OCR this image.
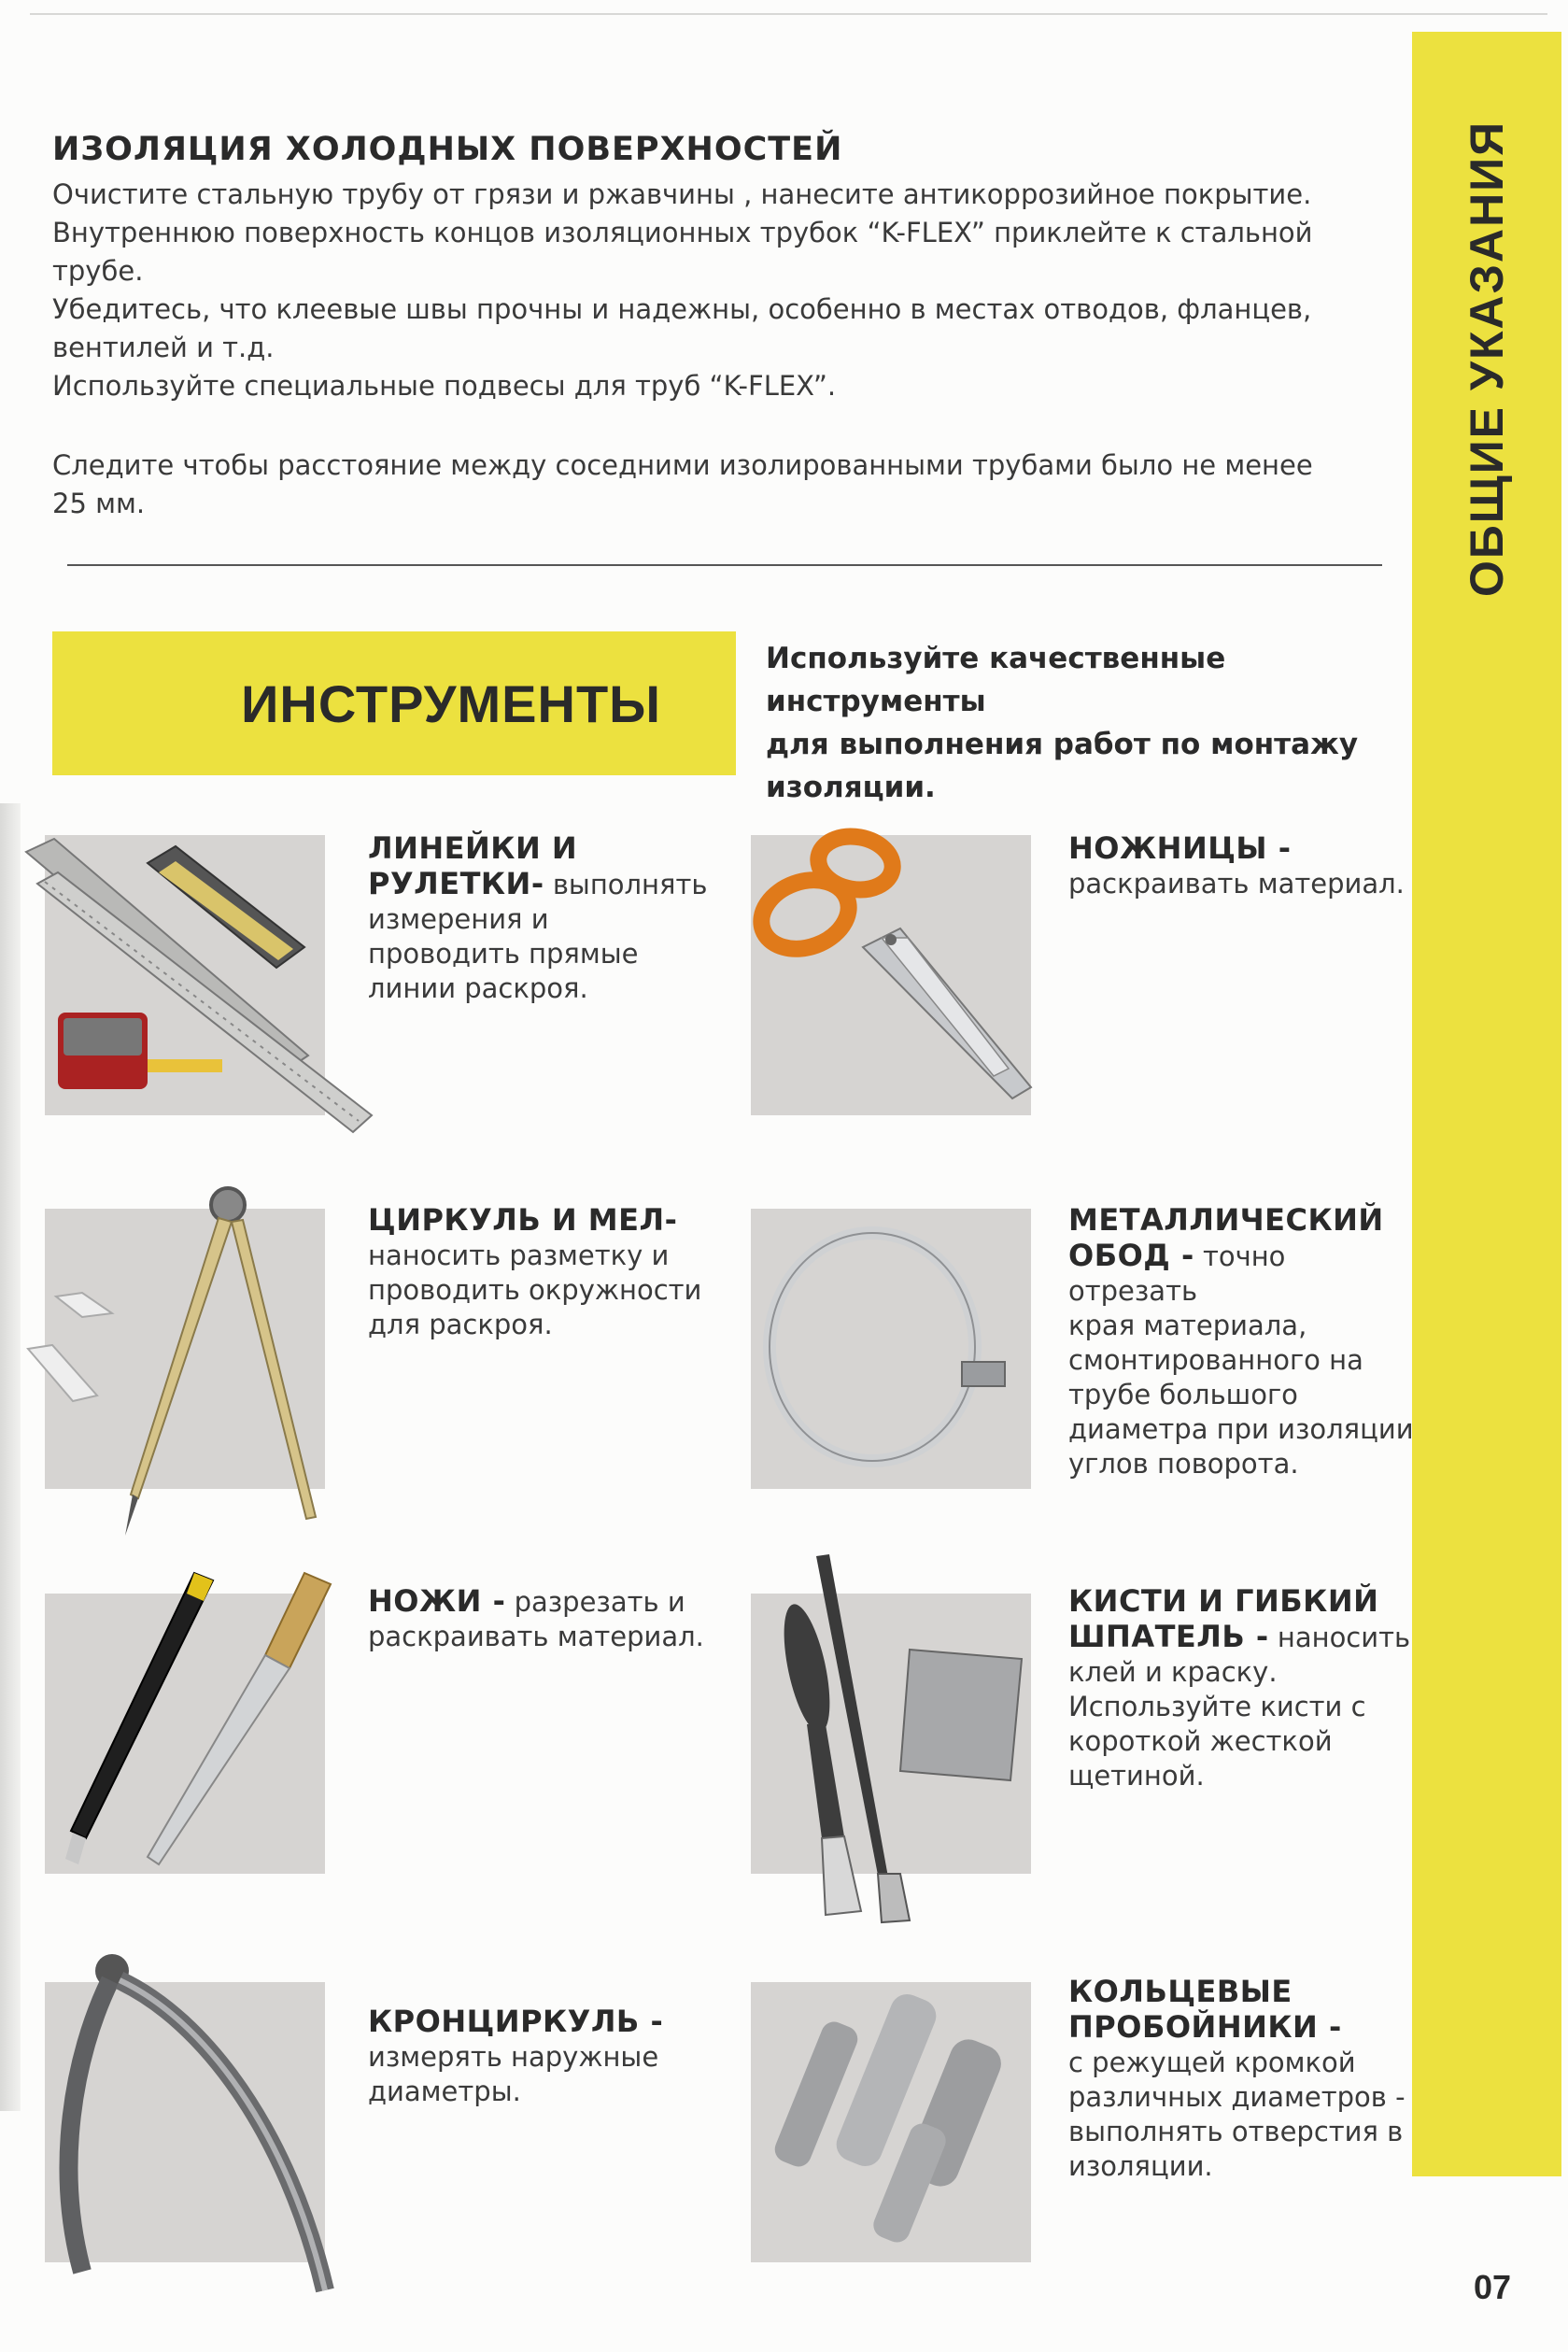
ОБЩИЕ УКАЗАНИЯ
07
ИЗОЛЯЦИЯ ХОЛОДНЫХ ПОВЕРХНОСТЕЙ

Очистите стальную трубу от грязи и ржавчины , нанесите антикоррозийное покрытие.

Внутреннюю поверхность концов изоляционных трубок “K-FLEX” приклейте к стальной

трубе.

Убедитесь, что клеевые швы прочны и надежны, особенно в местах отводов, фланцев,

вентилей и т.д.

Используйте специальные подвесы для труб “K-FLEX”.

Следите чтобы расстояние между соседними изолированными трубами было не менее

25 мм.

ИНСТРУМЕНТЫ

Используйте качественные инструменты
для выполнения работ по монтажу
изоляции.

ЛИНЕЙКИ И
РУЛЕТКИ- выполнять
измерения и
проводить прямые
линии раскроя.

НОЖНИЦЫ -
раскраивать материал.

ЦИРКУЛЬ И МЕЛ-
наносить разметку и
проводить окружности
для раскроя.

МЕТАЛЛИЧЕСКИЙ
ОБОД - точно отрезать
края материала,
смонтированного на
трубе большого
диаметра при изоляции
углов поворота.

НОЖИ - разрезать и
раскраивать материал.

КИСТИ И ГИБКИЙ
ШПАТЕЛЬ - наносить
клей и краску.
Используйте кисти с
короткой жесткой
щетиной.

КРОНЦИРКУЛЬ -
измерять наружные
диаметры.

КОЛЬЦЕВЫЕ
ПРОБОЙНИКИ -
с режущей кромкой
различных диаметров -
выполнять отверстия в
изоляции.
